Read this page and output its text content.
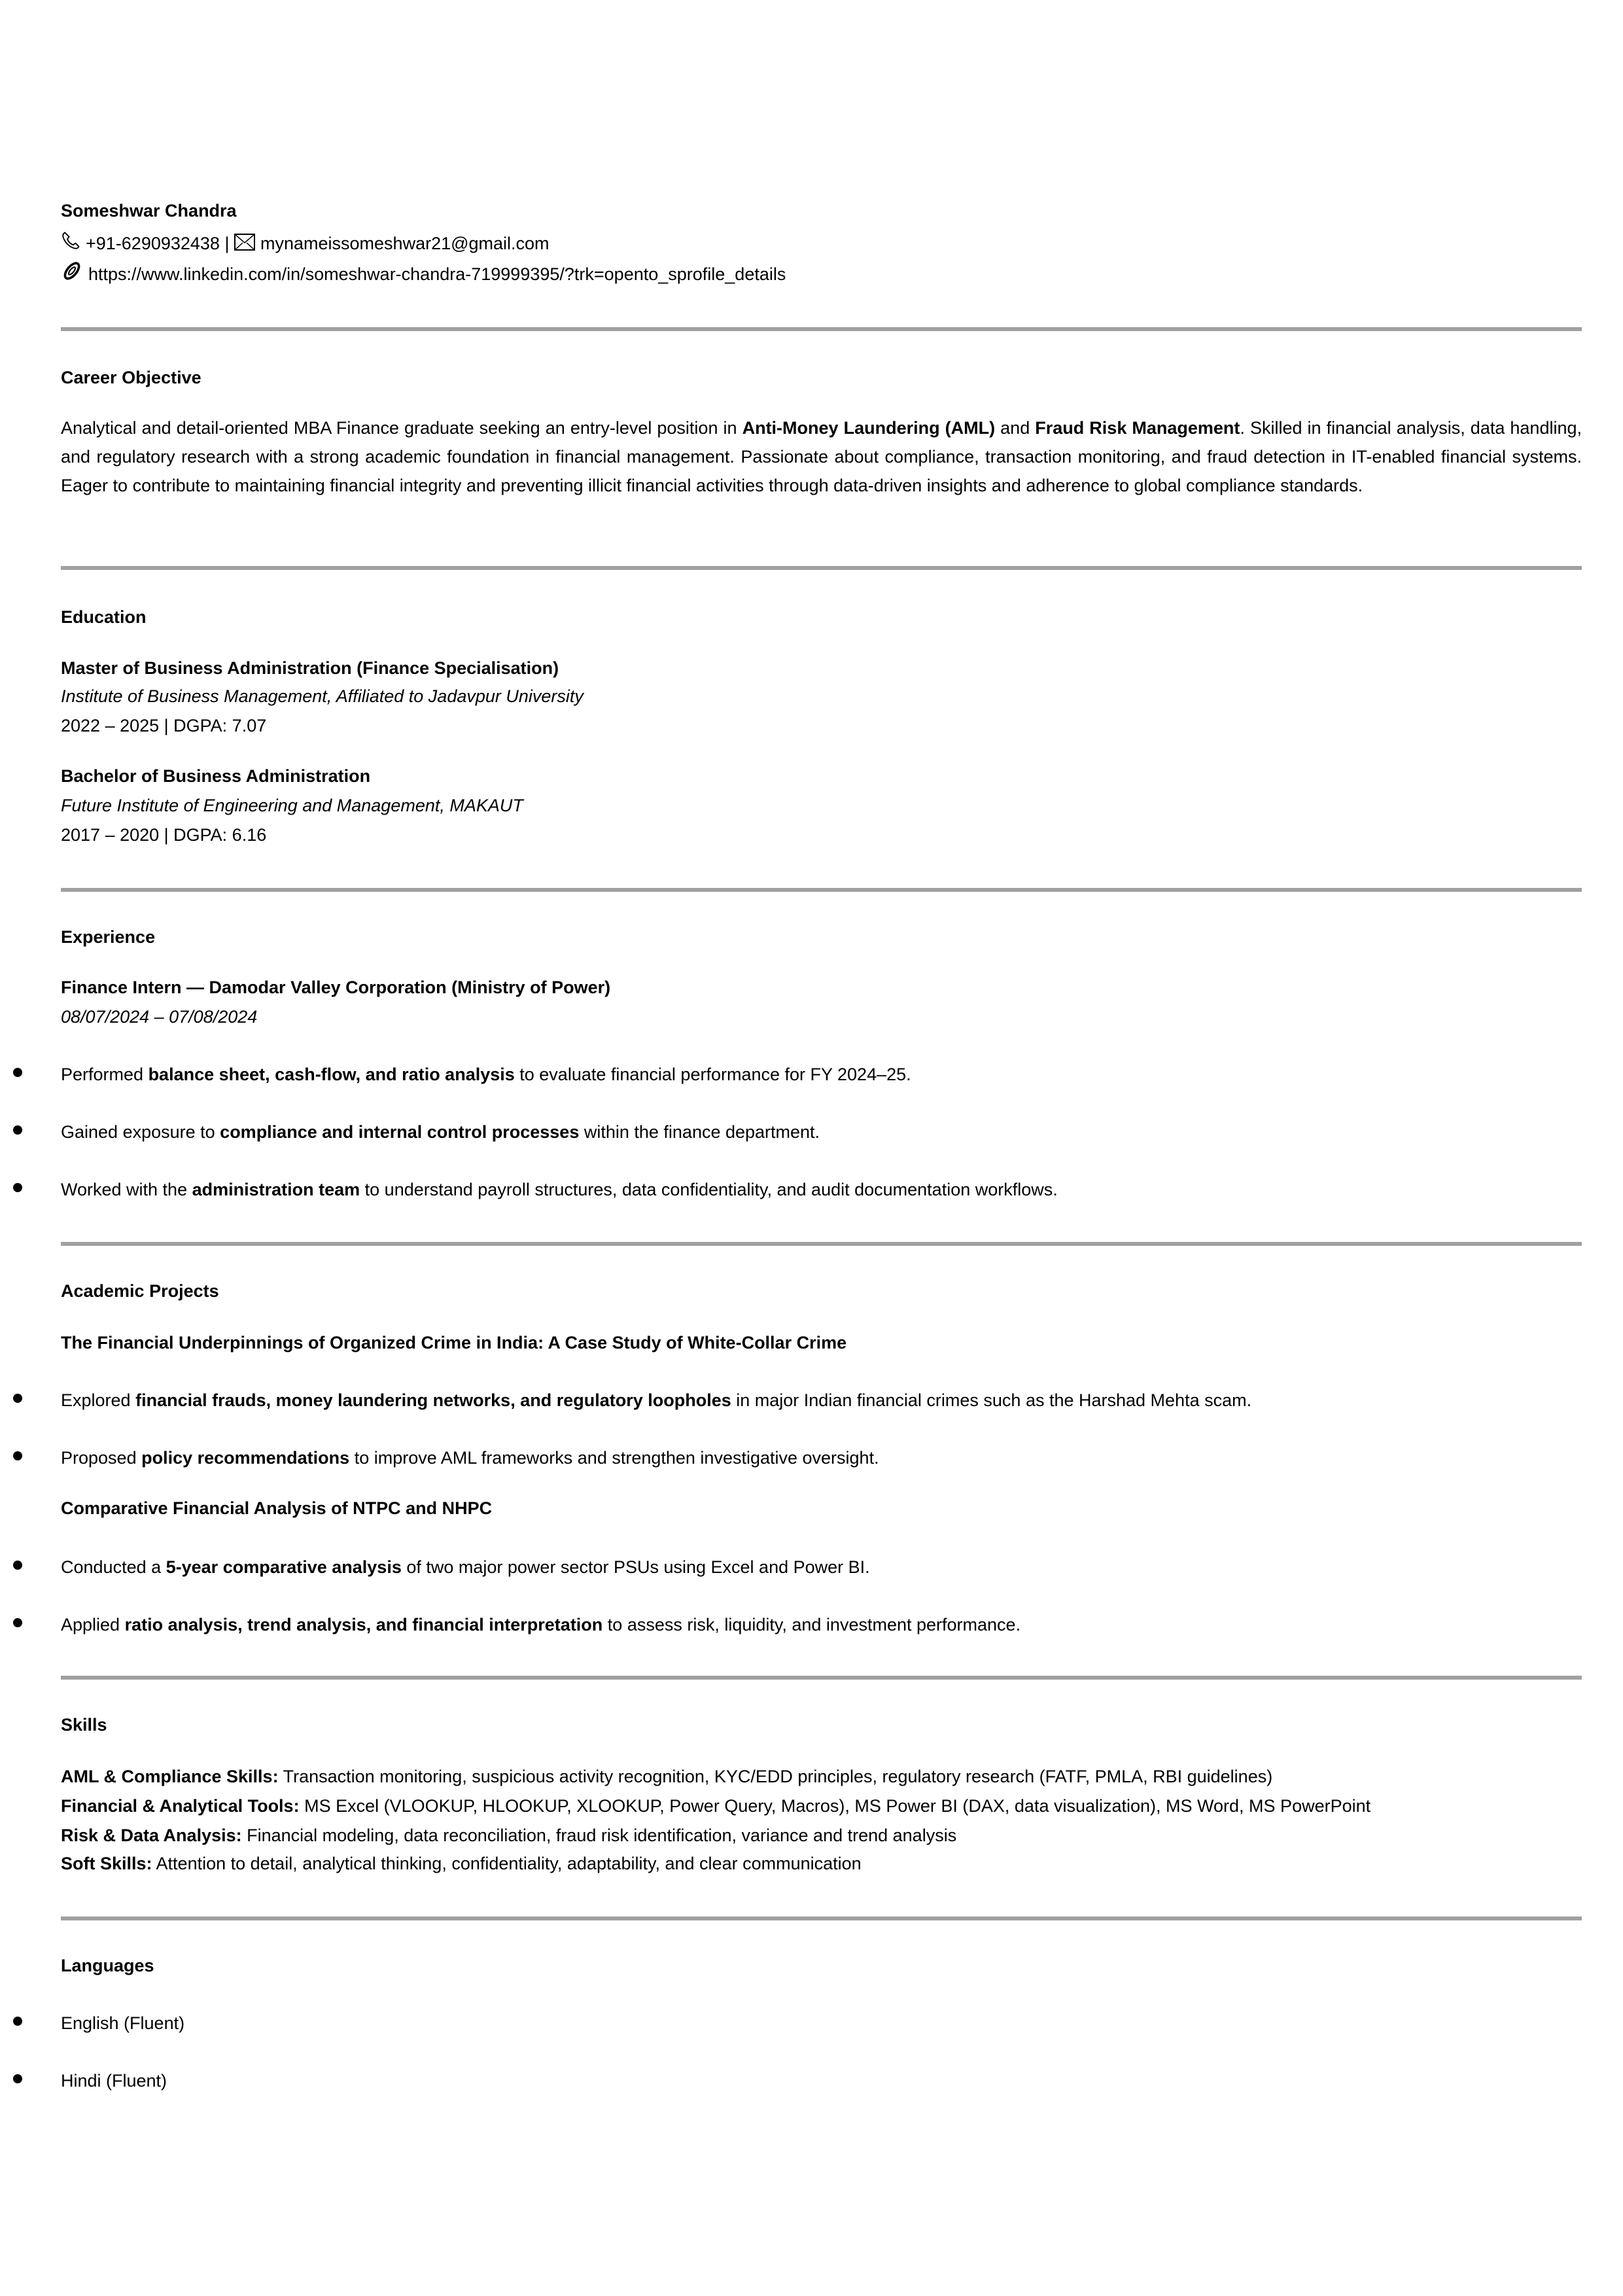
Someshwar Chandra
+91-6290932438 | mynameissomeshwar21@gmail.com
https://www.linkedin.com/in/someshwar-chandra-719999395/?trk=opento_sprofile_details
Career Objective
Analytical and detail-oriented MBA Finance graduate seeking an entry-level position in Anti-Money Laundering (AML) and Fraud Risk Management. Skilled in financial analysis, data handling, and regulatory research with a strong academic foundation in financial management. Passionate about compliance, transaction monitoring, and fraud detection in IT-enabled financial systems. Eager to contribute to maintaining financial integrity and preventing illicit financial activities through data-driven insights and adherence to global compliance standards.
Education
Master of Business Administration (Finance Specialisation)
Institute of Business Management, Affiliated to Jadavpur University
2022 – 2025 | DGPA: 7.07
Bachelor of Business Administration
Future Institute of Engineering and Management, MAKAUT
2017 – 2020 | DGPA: 6.16
Experience
Finance Intern — Damodar Valley Corporation (Ministry of Power)
08/07/2024 – 07/08/2024
Performed balance sheet, cash-flow, and ratio analysis to evaluate financial performance for FY 2024–25.
Gained exposure to compliance and internal control processes within the finance department.
Worked with the administration team to understand payroll structures, data confidentiality, and audit documentation workflows.
Academic Projects
The Financial Underpinnings of Organized Crime in India: A Case Study of White-Collar Crime
Explored financial frauds, money laundering networks, and regulatory loopholes in major Indian financial crimes such as the Harshad Mehta scam.
Proposed policy recommendations to improve AML frameworks and strengthen investigative oversight.
Comparative Financial Analysis of NTPC and NHPC
Conducted a 5-year comparative analysis of two major power sector PSUs using Excel and Power BI.
Applied ratio analysis, trend analysis, and financial interpretation to assess risk, liquidity, and investment performance.
Skills
AML & Compliance Skills: Transaction monitoring, suspicious activity recognition, KYC/EDD principles, regulatory research (FATF, PMLA, RBI guidelines)
Financial & Analytical Tools: MS Excel (VLOOKUP, HLOOKUP, XLOOKUP, Power Query, Macros), MS Power BI (DAX, data visualization), MS Word, MS PowerPoint
Risk & Data Analysis: Financial modeling, data reconciliation, fraud risk identification, variance and trend analysis
Soft Skills: Attention to detail, analytical thinking, confidentiality, adaptability, and clear communication
Languages
English (Fluent)
Hindi (Fluent)
